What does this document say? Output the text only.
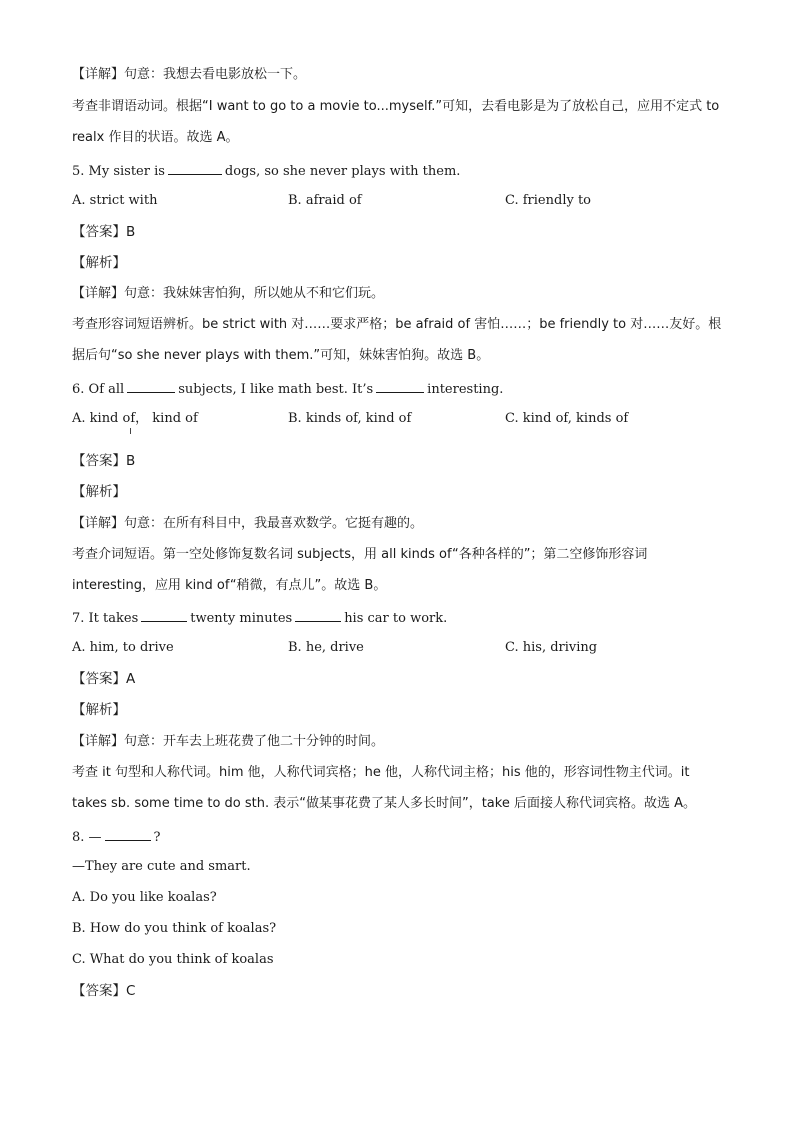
【详解】句意：我想去看电影放松一下。
考查非谓语动词。根据“I want to go to a movie to...myself.”可知，去看电影是为了放松自己，应用不定式 to
realx 作目的状语。故选 A。
5. My sister is	dogs, so she never plays with them.
A. strict with	B. afraid of	C. friendly to
【答案】B
【解析】
【详解】句意：我妹妹害怕狗，所以她从不和它们玩。
考查形容词短语辨析。be strict with 对……要求严格；be afraid of 害怕……；be friendly to 对……友好。根
据后句“so she never plays with them.”可知，妹妹害怕狗。故选 B。
6. Of all	subjects, I like math best. It’s	interesting.
A. kind of， kind of	B. kinds of, kind of	C. kind of, kinds of
【答案】B
【解析】
【详解】句意：在所有科目中，我最喜欢数学。它挺有趣的。
考查介词短语。第一空处修饰复数名词 subjects，用 all kinds of“各种各样的”；第二空修饰形容词
interesting，应用 kind of“稍微，有点儿”。故选 B。
7. It takes	twenty minutes	his car to work.
A. him, to drive	B. he, drive	C. his, driving
【答案】A
【解析】
【详解】句意：开车去上班花费了他二十分钟的时间。
考查 it 句型和人称代词。him 他，人称代词宾格；he 他，人称代词主格；his 他的，形容词性物主代词。it
takes sb. some time to do sth. 表示“做某事花费了某人多长时间”，take 后面接人称代词宾格。故选 A。
8. —	?
—They are cute and smart.
A. Do you like koalas?
B. How do you think of koalas?
C. What do you think of koalas
【答案】C
